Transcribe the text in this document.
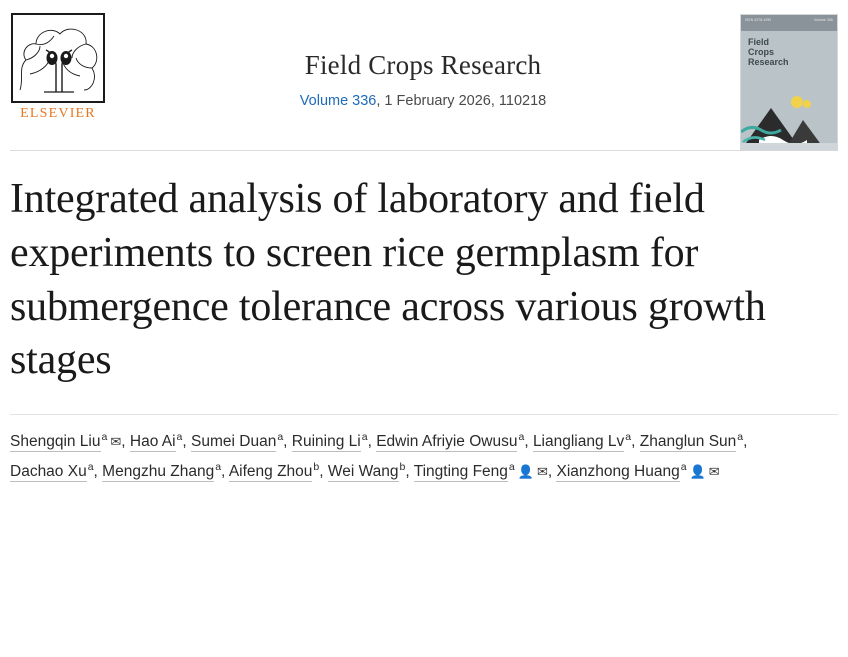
ELSEVIER
Field Crops Research
Volume 336, 1 February 2026, 110218
ISSN 0378-4290	Volume 336
Field
Crops
Research
Integrated analysis of laboratory and field experiments to screen rice germplasm for submergence tolerance across various growth stages
Shengqin Liu$^a$ ✉, Hao Ai$^a$, Sumei Duan$^a$, Ruining Li$^a$, Edwin Afriyie Owusu$^a$, Liangliang Lv$^a$, Zhanglun Sun$^a$, Dachao Xu$^a$, Mengzhu Zhang$^a$, Aifeng Zhou$^b$, Wei Wang$^b$, Tingting Feng$^a$ 👤 ✉, Xianzhong Huang$^a$ 👤 ✉
